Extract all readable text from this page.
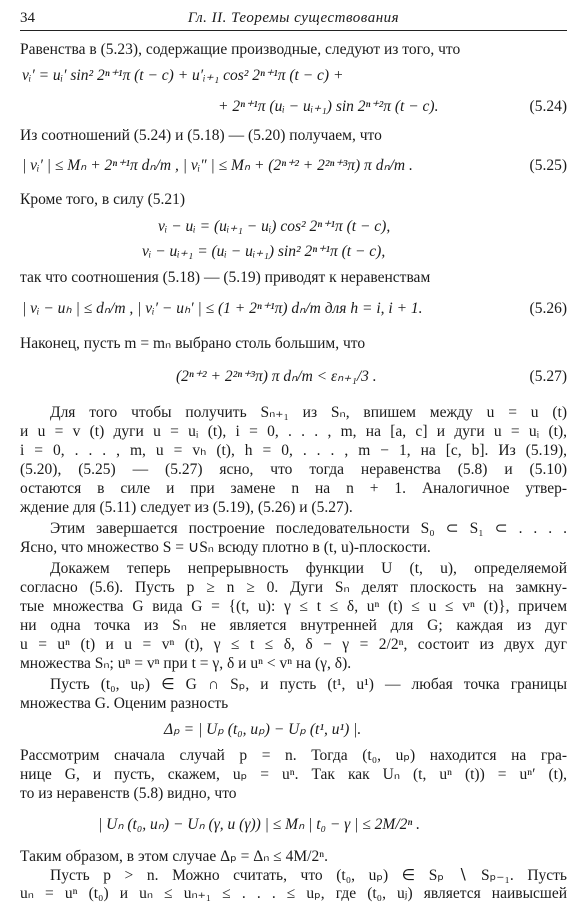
34	Гл. II. Теоремы существования
Равенства в (5.23), содержащие производные, следуют из того, что
vᵢ′ = uᵢ′ sin² 2ⁿ⁺¹π (t − c) + u′ᵢ₊₁ cos² 2ⁿ⁺¹π (t − c) +
+ 2ⁿ⁺¹π (uᵢ − uᵢ₊₁) sin 2ⁿ⁺²π (t − c).	(5.24)
Из соотношений (5.24) и (5.18) — (5.20) получаем, что
| vᵢ′ | ≤ Mₙ + 2ⁿ⁺¹π dₙ/m , | vᵢ″ | ≤ Mₙ + (2ⁿ⁺² + 2²ⁿ⁺³π) π dₙ/m .	(5.25)
Кроме того, в силу (5.21)
vᵢ − uᵢ = (uᵢ₊₁ − uᵢ) cos² 2ⁿ⁺¹π (t − c),
vᵢ − uᵢ₊₁ = (uᵢ − uᵢ₊₁) sin² 2ⁿ⁺¹π (t − c),
так что соотношения (5.18) — (5.19) приводят к неравенствам
| vᵢ − uₕ | ≤ dₙ/m , | vᵢ′ − uₕ′ | ≤ (1 + 2ⁿ⁺¹π) dₙ/m для h = i, i + 1.	(5.26)
Наконец, пусть m = mₙ выбрано столь большим, что
(2ⁿ⁺² + 2²ⁿ⁺³π) π dₙ/m < εₙ₊₁/3 .	(5.27)
Для того чтобы получить Sₙ₊₁ из Sₙ, впишем между u = u (t)
и u = v (t) дуги u = uᵢ (t), i = 0, . . . , m, на [a, c] и дуги u = uᵢ (t),
i = 0, . . . , m, u = vₕ (t), h = 0, . . . , m − 1, на [c, b]. Из (5.19),
(5.20), (5.25) — (5.27) ясно, что тогда неравенства (5.8) и (5.10)
остаются в силе и при замене n на n + 1. Аналогичное утвер-
ждение для (5.11) следует из (5.19), (5.26) и (5.27).
Этим завершается построение последовательности S₀ ⊂ S₁ ⊂ . . . .
Ясно, что множество S = ∪Sₙ всюду плотно в (t, u)-плоскости.
Докажем теперь непрерывность функции U (t, u), определяемой
согласно (5.6). Пусть p ≥ n ≥ 0. Дуги Sₙ делят плоскость на замкну-
тые множества G вида G = {(t, u): γ ≤ t ≤ δ, uⁿ (t) ≤ u ≤ vⁿ (t)}, причем
ни одна точка из Sₙ не является внутренней для G; каждая из дуг
u = uⁿ (t) и u = vⁿ (t), γ ≤ t ≤ δ, δ − γ = 2/2ⁿ, состоит из двух дуг
множества Sₙ; uⁿ = vⁿ при t = γ, δ и uⁿ < vⁿ на (γ, δ).
Пусть (t₀, uₚ) ∈ G ∩ Sₚ, и пусть (t¹, u¹) — любая точка границы
множества G. Оценим разность
Δₚ = | Uₚ (t₀, uₚ) − Uₚ (t¹, u¹) |.
Рассмотрим сначала случай p = n. Тогда (t₀, uₚ) находится на гра-
нице G, и пусть, скажем, uₚ = uⁿ. Так как Uₙ (t, uⁿ (t)) = uⁿ′ (t),
то из неравенств (5.8) видно, что
| Uₙ (t₀, uₙ) − Uₙ (γ, u (γ)) | ≤ Mₙ | t₀ − γ | ≤ 2M/2ⁿ .
Таким образом, в этом случае Δₚ = Δₙ ≤ 4M/2ⁿ.
Пусть p > n. Можно считать, что (t₀, uₚ) ∈ Sₚ ∖ Sₚ₋₁. Пусть
uₙ = uⁿ (t₀) и uₙ ≤ uₙ₊₁ ≤ . . . ≤ uₚ, где (t₀, uⱼ) является наивысшей
